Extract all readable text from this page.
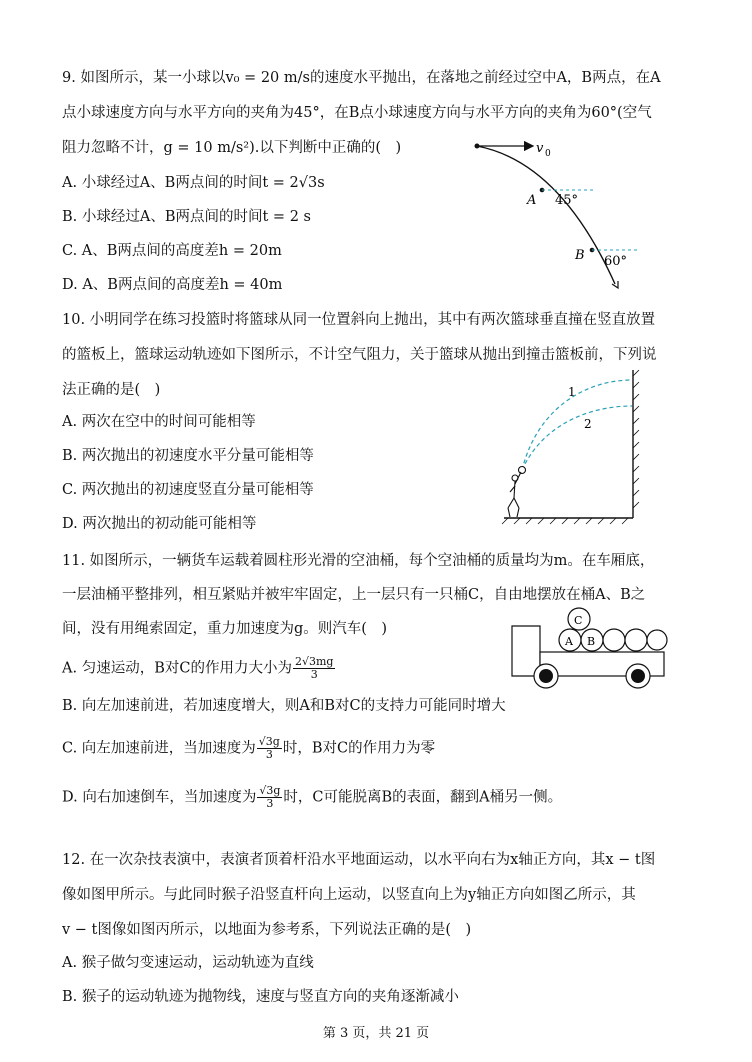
9. 如图所示，某一小球以v₀ = 20 m/s的速度水平抛出，在落地之前经过空中A，B两点，在A
点小球速度方向与水平方向的夹角为45°，在B点小球速度方向与水平方向的夹角为60°(空气
阻力忽略不计，g = 10 m/s²).以下判断中正确的(　)
A. 小球经过A、B两点间的时间t = 2√3s
B. 小球经过A、B两点间的时间t = 2 s
C. A、B两点间的高度差h = 20m
D. A、B两点间的高度差h = 40m
v 0
A 45°
B 60°
10. 小明同学在练习投篮时将篮球从同一位置斜向上抛出，其中有两次篮球垂直撞在竖直放置
的篮板上，篮球运动轨迹如下图所示，不计空气阻力，关于篮球从抛出到撞击篮板前，下列说
法正确的是(　)
A. 两次在空中的时间可能相等
B. 两次抛出的初速度水平分量可能相等
C. 两次抛出的初速度竖直分量可能相等
D. 两次抛出的初动能可能相等
1
2
11. 如图所示，一辆货车运载着圆柱形光滑的空油桶，每个空油桶的质量均为m。在车厢底，
一层油桶平整排列，相互紧贴并被牢牢固定，上一层只有一只桶C，自由地摆放在桶A、B之
间，没有用绳索固定，重力加速度为g。则汽车(　)
A. 匀速运动，B对C的作用力大小为 $\frac{2√3mg}{3}$
B. 向左加速前进，若加速度增大，则A和B对C的支持力可能同时增大
C. 向左加速前进，当加速度为 $\frac{√3g}{3}$ 时，B对C的作用力为零
D. 向右加速倒车，当加速度为 $\frac{√3g}{3}$ 时，C可能脱离B的表面，翻到A桶另一侧。
C
A B
12. 在一次杂技表演中，表演者顶着杆沿水平地面运动，以水平向右为x轴正方向，其x − t图
像如图甲所示。与此同时猴子沿竖直杆向上运动，以竖直向上为y轴正方向如图乙所示，其
v − t图像如图丙所示，以地面为参考系，下列说法正确的是(　)
A. 猴子做匀变速运动，运动轨迹为直线
B. 猴子的运动轨迹为抛物线，速度与竖直方向的夹角逐渐减小
第 3 页，共 21 页
